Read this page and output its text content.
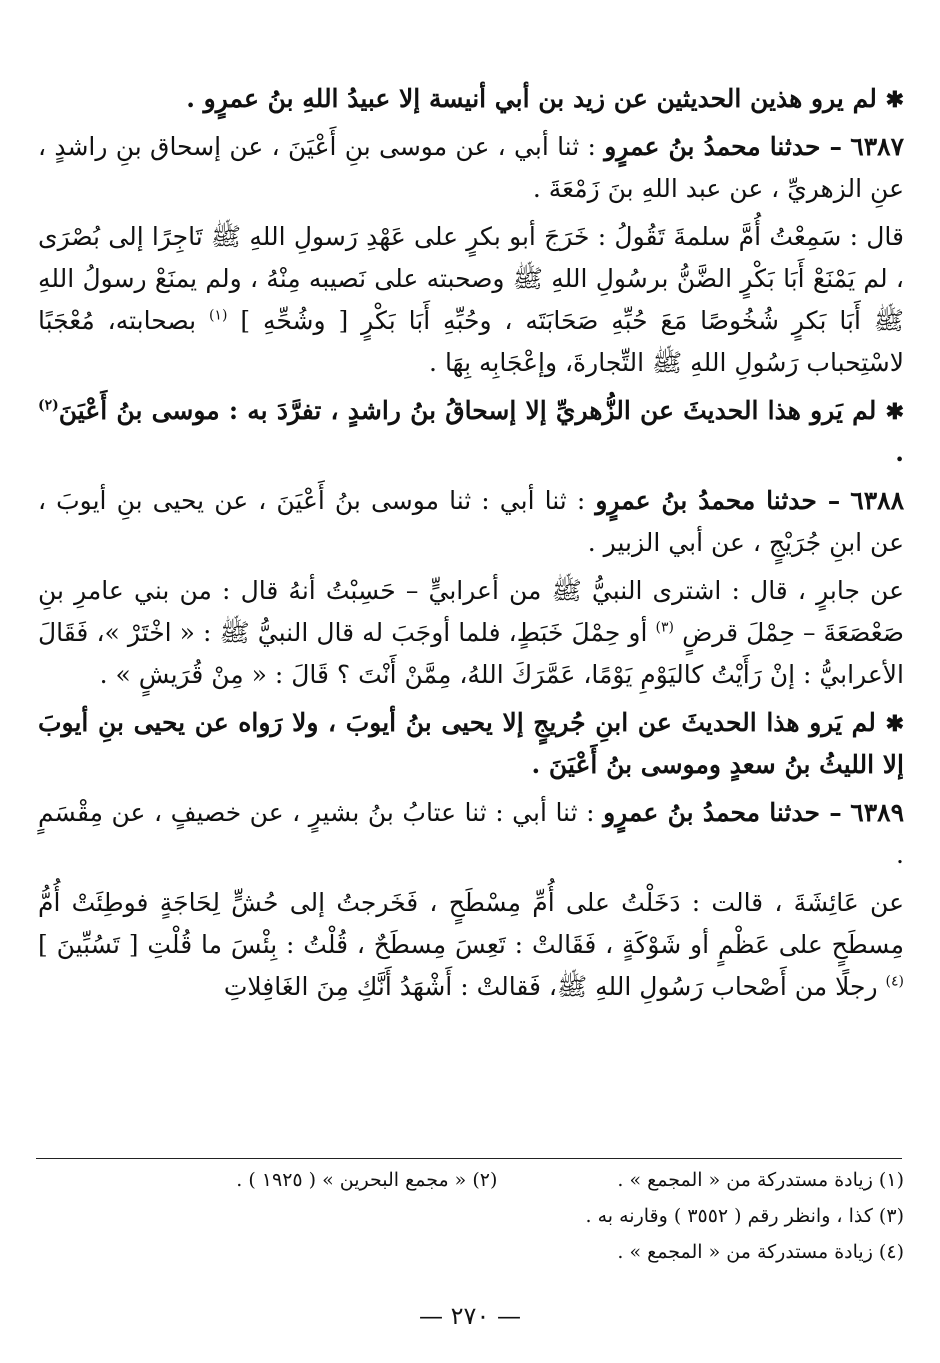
✱ لم يرو هذين الحديثين عن زيد بن أبي أنيسة إلا عبيدُ اللهِ بنُ عمرٍو .

٦٣٨٧ – حدثنا محمدُ بنُ عمرٍو : ثنا أبي ، عن موسى بنِ أَعْيَنَ ، عن إسحاق بنِ راشدٍ ، عنِ الزهريِّ ، عن عبد اللهِ بنَ زَمْعَةَ .

قال : سَمِعْتُ أُمَّ سلمةَ تَقُولُ : خَرَجَ أبو بكرٍ على عَهْدِ رَسولِ اللهِ ﷺ تَاجِرًا إلى بُصْرَى ، لم يَمْنَعْ أَبَا بَكْرٍ الضَّنُّ برسُولِ اللهِ ﷺ وصحبته على نَصيبه مِنْهُ ، ولم يمنَعْ رسولُ اللهِ ﷺ أَبَا بَكرٍ شُخُوصًا مَعَ حُبِّهِ صَحَابَتَه ، وحُبِّهِ أَبَا بَكْرٍ [ وشُحِّهِ ] $^{(١)}$ بصحابته، مُعْجَبًا لاسْتِحباب رَسُولِ اللهِ ﷺ التِّجارةَ، وإعْجَابِه بِهَا .

✱ لم يَرو هذا الحديثَ عن الزُّهريِّ إلا إسحاقُ بنُ راشدٍ ، تفرَّدَ به : موسى بنُ أَعْيَنَ$^{(٢)}$ .

٦٣٨٨ – حدثنا محمدُ بنُ عمرٍو : ثنا أبي : ثنا موسى بنُ أَعْيَنَ ، عن يحيى بنِ أيوبَ ، عن ابنِ جُرَيْجٍ ، عن أبي الزبير .

عن جابرٍ ، قال : اشترى النبيُّ ﷺ من أعرابيٍّ – حَسِبْتُ أنهُ قال : من بني عامرِ بنِ صَعْصَعَةَ – حِمْلَ قرضٍ $^{(٣)}$ أو حِمْلَ خَبَطٍ، فلما أوجَبَ له قال النبيُّ ﷺ : « اخْتَرْ »، فَقَالَ الأعرابيُّ : إنْ رَأَيْتُ كاليَوْمِ يَوْمًا، عَمَّرَكَ اللهُ، مِمَّنْ أَنْتَ ؟ قَالَ : « مِنْ قُرَيشٍ » .

✱ لم يَرو هذا الحديثَ عن ابنِ جُريجٍ إلا يحيى بنُ أيوبَ ، ولا رَواه عن يحيى بنِ أيوبَ إلا الليثُ بنُ سعدٍ وموسى بنُ أَعْيَنَ .

٦٣٨٩ – حدثنا محمدُ بنُ عمرٍو : ثنا أبي : ثنا عتابُ بنُ بشيرٍ ، عن خصيفٍ ، عن مِقْسَمٍ .

عن عَائِشَةَ ، قالت : دَخَلْتُ على أُمِّ مِسْطَحٍ ، فَخَرجتُ إلى حُشٍّ لِحَاجَةٍ فوطِئَتْ أُمُّ مِسطَحٍ على عَظْمٍ أو شَوْكَةٍ ، فَقَالتْ : تَعِسَ مِسطَحٌ ، قُلْتُ : بِئْسَ ما قُلْتِ [ تَسُبِّينَ ] $^{(٤)}$ رجلًا من أَصْحاب رَسُولِ اللهِ ﷺ، فَقالتْ : أَشْهَدُ أَنَّكِ مِنَ الغَافِلاتِ

(١) زيادة مستدركة من « المجمع » .
(٢) « مجمع البحرين » ( ١٩٢٥ ) .
(٣) كذا ، وانظر رقم ( ٣٥٥٢ ) وقارنه به .
(٤) زيادة مستدركة من « المجمع » .
— ٢٧٠ —
